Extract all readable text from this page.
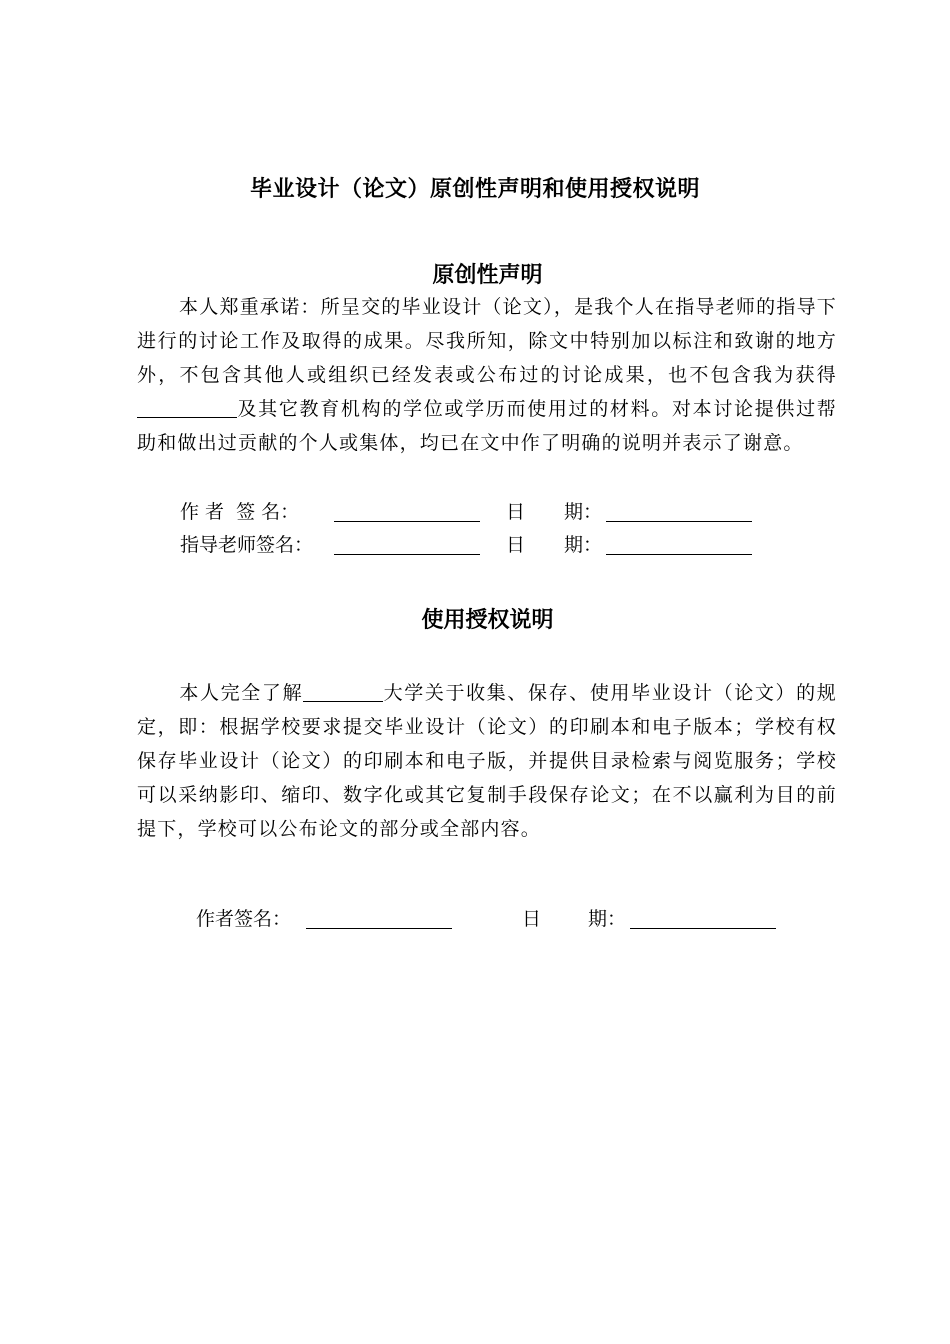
毕业设计（论文）原创性声明和使用授权说明
原创性声明
本人郑重承诺：所呈交的毕业设计（论文），是我个人在指导老师的指导下进行的讨论工作及取得的成果。尽我所知，除文中特别加以标注和致谢的地方外，不包含其他人或组织已经发表或公布过的讨论成果，也不包含我为获得及其它教育机构的学位或学历而使用过的材料。对本讨论提供过帮助和做出过贡献的个人或集体，均已在文中作了明确的说明并表示了谢意。
作 者  签 名：	日 期：
指导老师签名：	日 期：
使用授权说明
本人完全了解	大学关于收集、保存、使用毕业设计（论文）的规定，即：根据学校要求提交毕业设计（论文）的印刷本和电子版本；学校有权保存毕业设计（论文）的印刷本和电子版，并提供目录检索与阅览服务；学校可以采纳影印、缩印、数字化或其它复制手段保存论文；在不以赢利为目的前提下，学校可以公布论文的部分或全部内容。
作者签名：	日 期：
